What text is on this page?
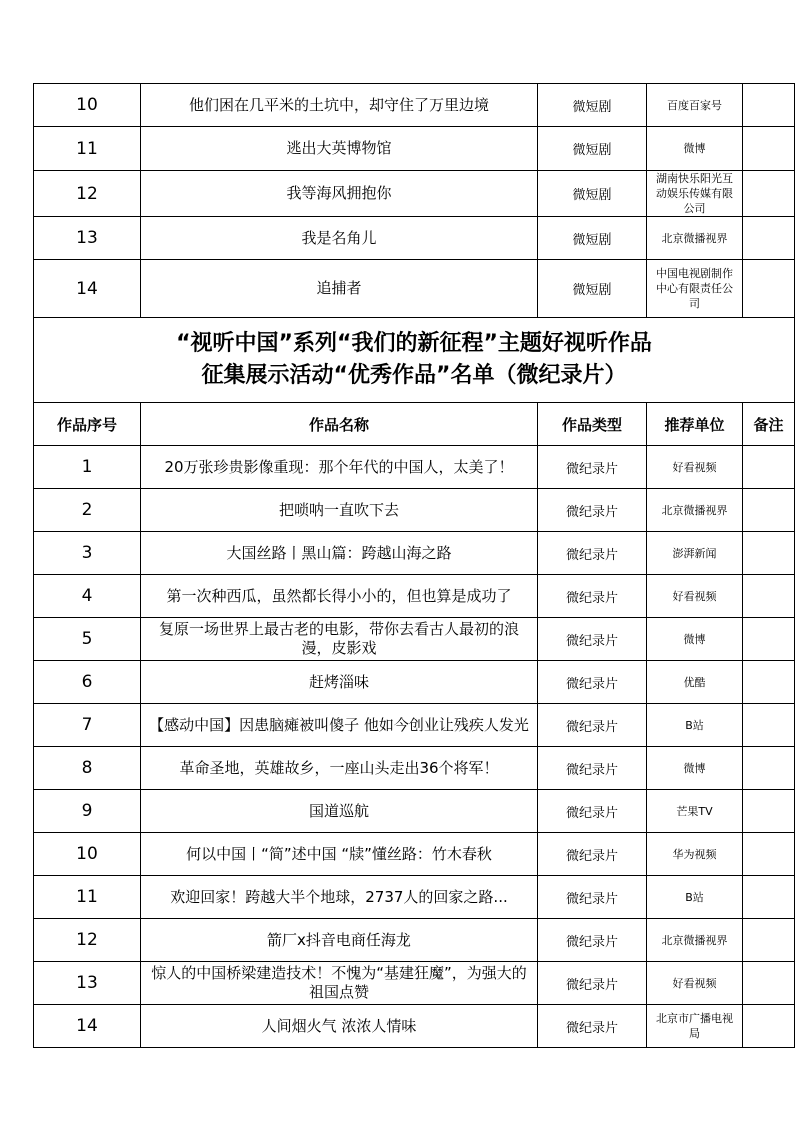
10	他们困在几平米的土坑中，却守住了万里边境	微短剧	百度百家号	
11	逃出大英博物馆	微短剧	微博	
12	我等海风拥抱你	微短剧	湖南快乐阳光互动娱乐传媒有限公司	
13	我是名角儿	微短剧	北京微播视界	
14	追捕者	微短剧	中国电视剧制作中心有限责任公司	

“视听中国”系列“我们的新征程”主题好视听作品
征集展示活动“优秀作品”名单（微纪录片）				

作品序号	作品名称	作品类型	推荐单位	备注
1	20万张珍贵影像重现：那个年代的中国人，太美了！	微纪录片	好看视频	
2	把唢呐一直吹下去	微纪录片	北京微播视界	
3	大国丝路丨黑山篇：跨越山海之路	微纪录片	澎湃新闻	
4	第一次种西瓜，虽然都长得小小的，但也算是成功了	微纪录片	好看视频	
5	复原一场世界上最古老的电影，带你去看古人最初的浪漫，皮影戏	微纪录片	微博	
6	赶烤淄味	微纪录片	优酷	
7	【感动中国】因患脑瘫被叫傻子 他如今创业让残疾人发光	微纪录片	B站	
8	革命圣地，英雄故乡，一座山头走出36个将军！	微纪录片	微博	
9	国道巡航	微纪录片	芒果TV	
10	何以中国丨“简”述中国 “牍”懂丝路：竹木春秋	微纪录片	华为视频	
11	欢迎回家！跨越大半个地球，2737人的回家之路...	微纪录片	B站	
12	箭厂x抖音电商任海龙	微纪录片	北京微播视界	
13	惊人的中国桥梁建造技术！不愧为“基建狂魔”，为强大的祖国点赞	微纪录片	好看视频	
14	人间烟火气 浓浓人情味	微纪录片	北京市广播电视局	
